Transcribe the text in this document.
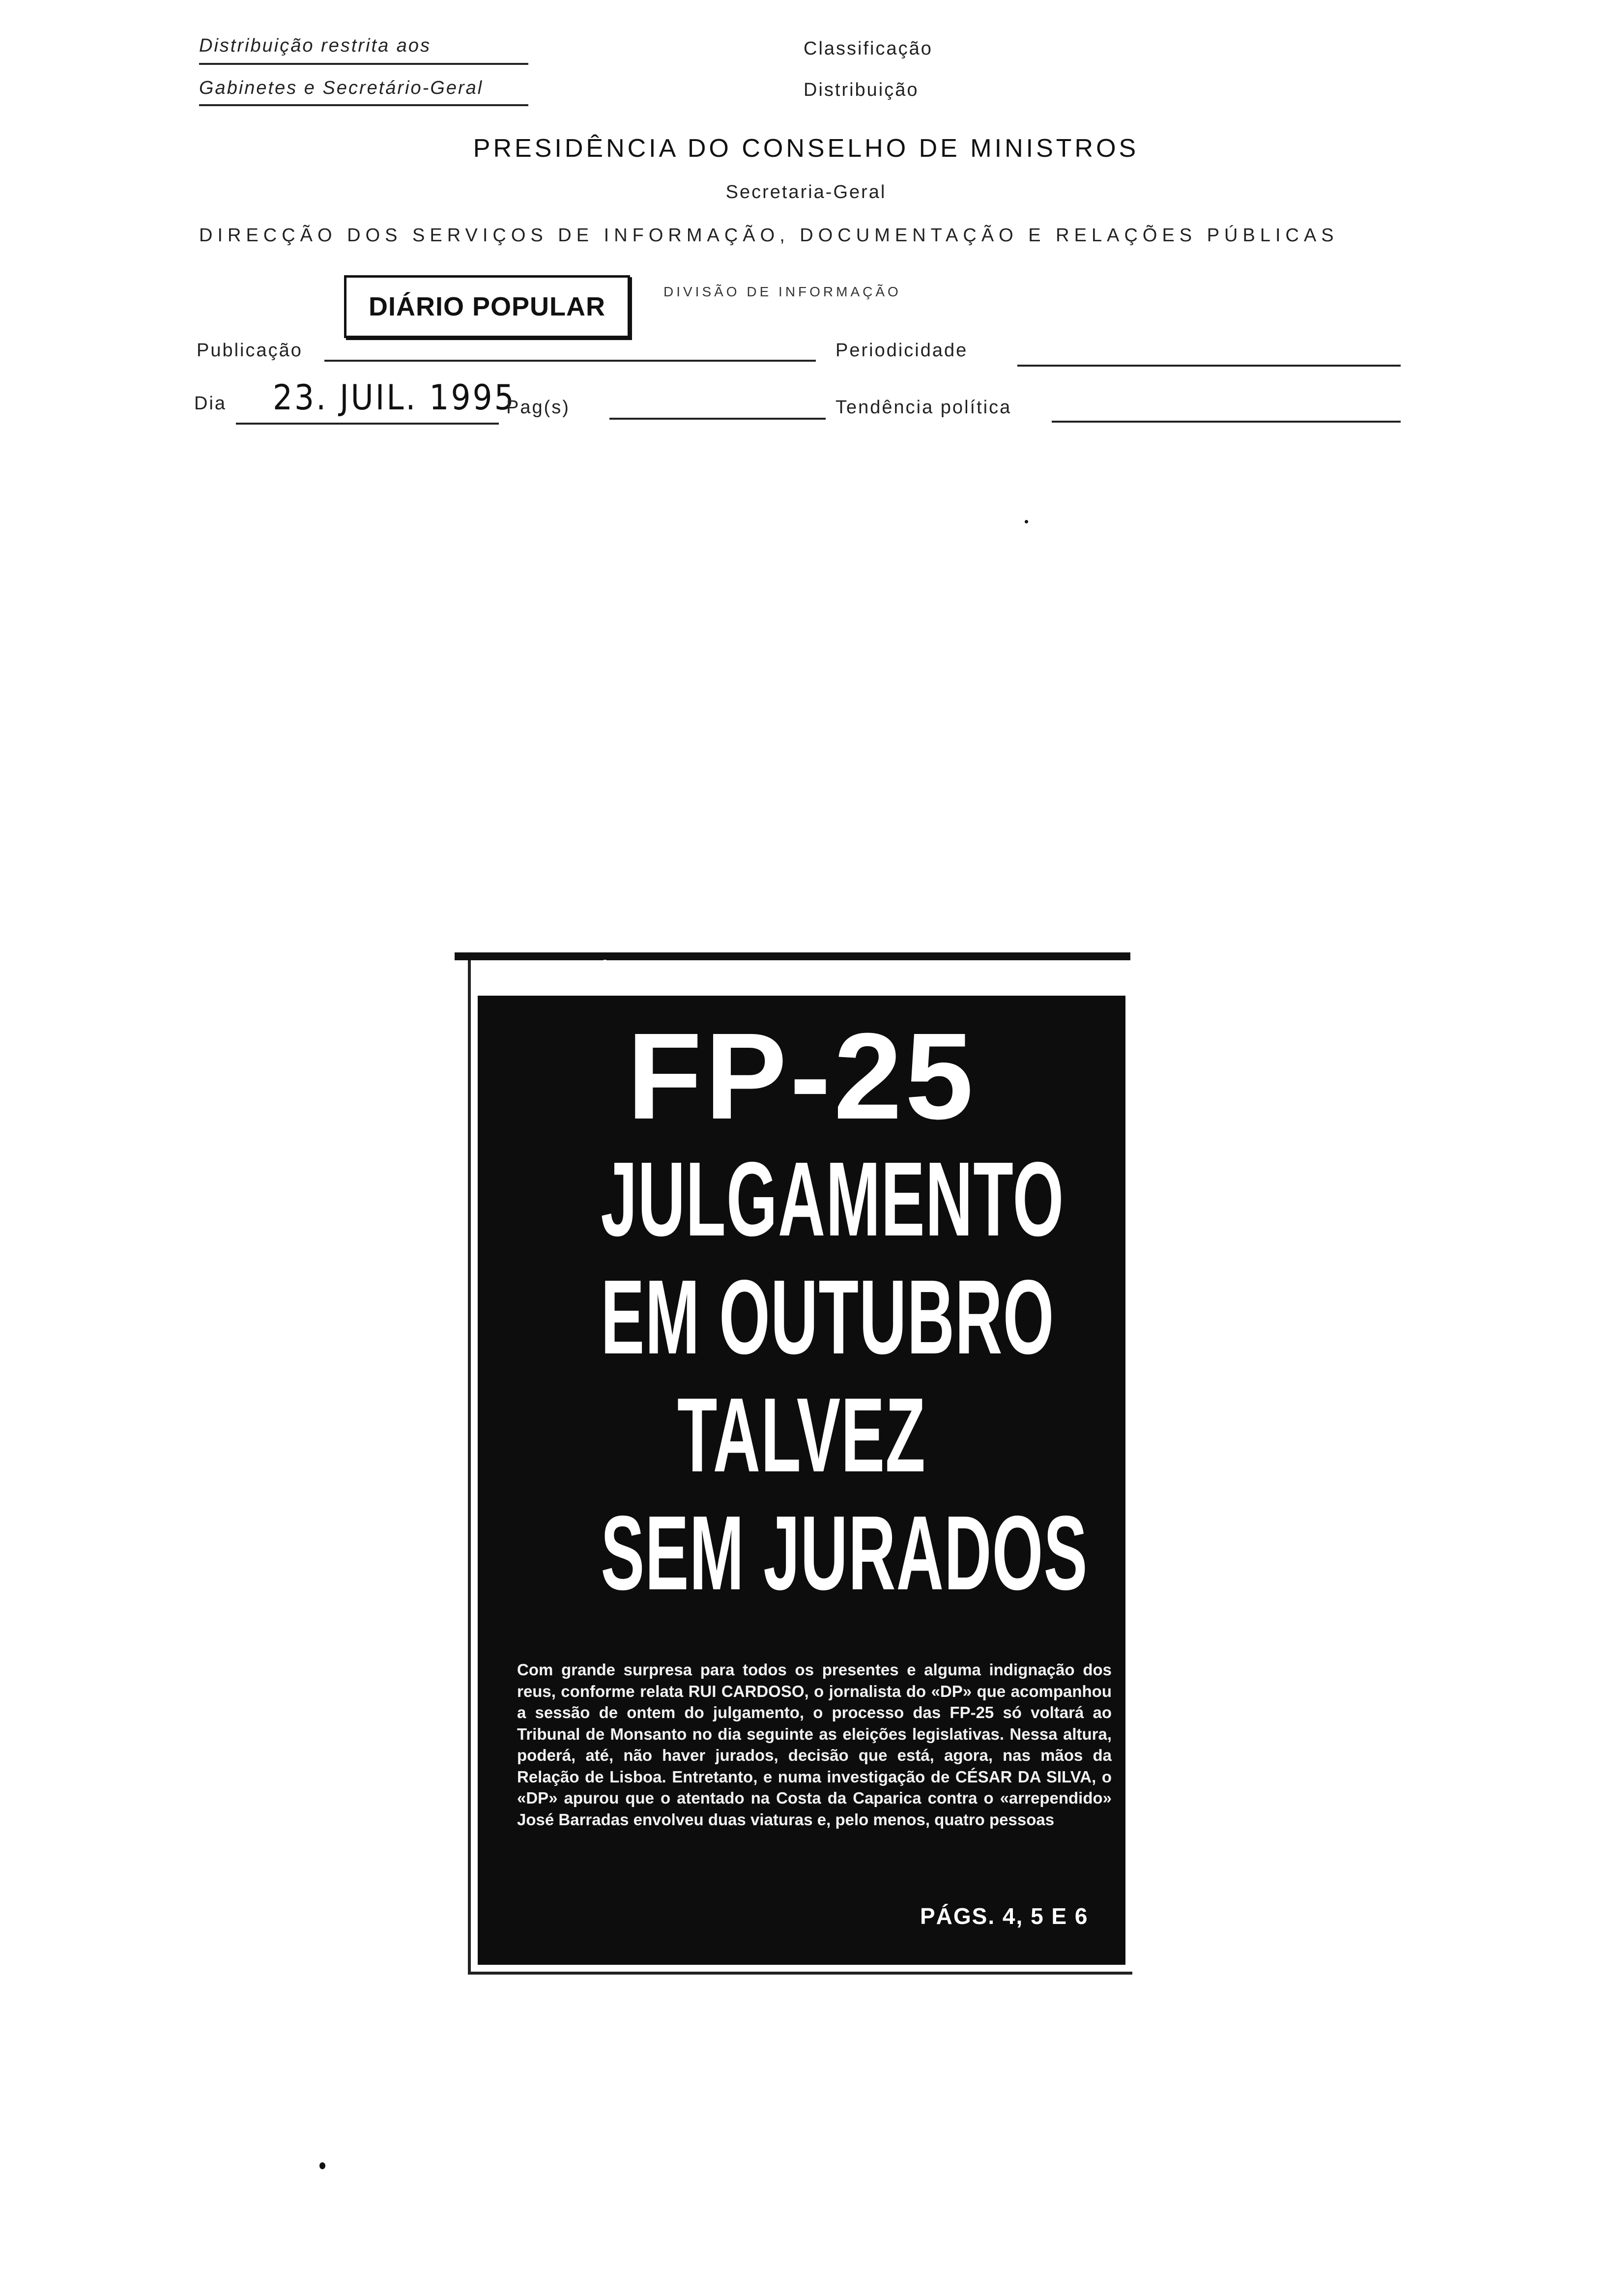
Distribuição restrita aos
Gabinetes e Secretário-Geral
Classificação
Distribuição
PRESIDÊNCIA DO CONSELHO DE MINISTROS
Secretaria-Geral
DIRECÇÃO DOS SERVIÇOS DE INFORMAÇÃO, DOCUMENTAÇÃO E RELAÇÕES PÚBLICAS
DIÁRIO POPULAR
DIVISÃO DE INFORMAÇÃO
Publicação	Periodicidade
Dia 23. JUIL. 1995
Pag(s)	Tendência política
V/Cl. 3384/5 / 2 1
FP-25
JULGAMENTO
EM OUTUBRO
TALVEZ
SEM JURADOS
Com grande surpresa para todos os presentes e alguma indignação dos reus, conforme relata RUI CARDOSO, o jornalista do «DP» que acompanhou a sessão de ontem do julgamento, o processo das FP-25 só voltará ao Tribunal de Monsanto no dia seguinte as eleições legislativas. Nessa altura, poderá, até, não haver jurados, decisão que está, agora, nas mãos da Relação de Lisboa. Entretanto, e numa investigação de CÉSAR DA SILVA, o «DP» apurou que o atentado na Costa da Caparica contra o «arrependido» José Barradas envolveu duas viaturas e, pelo menos, quatro pessoas
PÁGS. 4, 5 E 6
